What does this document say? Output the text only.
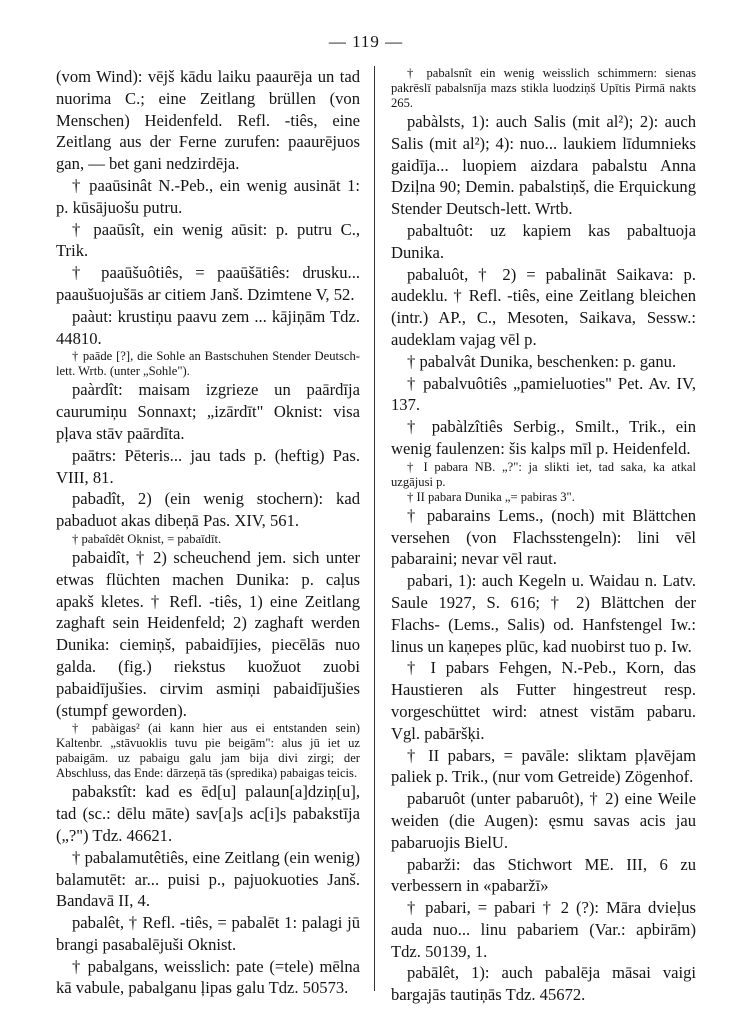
— 119 —

(vom Wind): vējš kādu laiku paaurēja un tad nuorima C.; eine Zeitlang brüllen (von Menschen) Heidenfeld. Refl. -tiês, eine Zeitlang aus der Ferne zurufen: paaurējuos gan, — bet gani nedzirdēja.

† paaūsinât N.-Peb., ein wenig ausināt 1: p. kūsājuošu putru.

† paaūsît, ein wenig aūsit: p. putru C., Trik.

† paaūšuôtiês, = paaūšātiês: drusku... paaušuojušās ar citiem Janš. Dzimtene V, 52.

paàut: krustiņu paavu zem ... kājiņām Tdz. 44810.

† paāde [?], die Sohle an Bastschuhen Stender Deutsch-lett. Wrtb. (unter „Sohle").

paàrdît: maisam izgrieze un paārdīja caurumiņu Sonnaxt; „izārdīt" Oknist: visa pļava stāv paārdīta.

paātrs: Pēteris... jau tads p. (heftig) Pas. VIII, 81.

pabadît, 2) (ein wenig stochern): kad pabaduot akas dibeņā Pas. XIV, 561.

† pabaîdêt Oknist, = pabaīdīt.

pabaidît, † 2) scheuchend jem. sich unter etwas flüchten machen Dunika: p. caļus apakš kletes. † Refl. -tiês, 1) eine Zeitlang zaghaft sein Heidenfeld; 2) zaghaft werden Dunika: ciemiņš, pabaidījies, piecēlās nuo galda. (fig.) riekstus kuožuot zuobi pabaidījušies. cirvim asmiņi pabaidījušies (stumpf geworden).

† pabàigas² (ai kann hier aus ei entstanden sein) Kaltenbr. „stāvuoklis tuvu pie beigām": alus jū iet uz pabaigām. uz pabaigu galu jam bija divi zirgi; der Abschluss, das Ende: dārzeņā tās (spredika) pabaigas teicis.

pabakstît: kad es ēd[u] palaun[a]dziņ[u], tad (sc.: dēlu māte) sav[a]s ac[i]s pabakstīja („?") Tdz. 46621.

† pabalamutêtiês, eine Zeitlang (ein wenig) balamutēt: ar... puisi p., pajuokuoties Janš. Bandavā II, 4.

pabalêt, † Refl. -tiês, = pabalēt 1: palagi jū brangi pasabalējuši Oknist.

† pabalgans, weisslich: pate (=tele) mēlna kā vabule, pabalganu ļipas galu Tdz. 50573.

† pabalsnît ein wenig weisslich schimmern: sienas pakrēslī pabalsnīja mazs stikla luodziņš Upītis Pirmā nakts 265.

pabàlsts, 1): auch Salis (mit al²); 2): auch Salis (mit al²); 4): nuo... laukiem līdumnieks gaidīja... luopiem aizdara pabalstu Anna Dziļna 90; Demin. pabalstiņš, die Erquickung Stender Deutsch-lett. Wrtb.

pabaltuôt: uz kapiem kas pabaltuoja Dunika.

pabaluôt, † 2) = pabalināt Saikava: p. audeklu. † Refl. -tiês, eine Zeitlang bleichen (intr.) AP., C., Mesoten, Saikava, Sessw.: audeklam vajag vēl p.

† pabalvât Dunika, beschenken: p. ganu.

† pabalvuôtiês „pamieluoties" Pet. Av. IV, 137.

† pabàlzîtiês Serbig., Smilt., Trik., ein wenig faulenzen: šis kalps mīl p. Heidenfeld.

† I pabara NB. „?": ja slikti iet, tad saka, ka atkal uzgājusi p.

† II pabara Dunika „= pabiras 3".

† pabarains Lems., (noch) mit Blättchen versehen (von Flachsstengeln): lini vēl pabaraini; nevar vēl raut.

pabari, 1): auch Kegeln u. Waidau n. Latv. Saule 1927, S. 616; † 2) Blättchen der Flachs- (Lems., Salis) od. Hanfstengel Iw.: linus un kaņepes plūc, kad nuobirst tuo p. Iw.

† I pabars Fehgen, N.-Peb., Korn, das Haustieren als Futter hingestreut resp. vorgeschüttet wird: atnest vistām pabaru. Vgl. pabāršķi.

† II pabars, = pavāle: sliktam pļavējam paliek p. Trik., (nur vom Getreide) Zögenhof.

pabaruôt (unter pabaruôt), † 2) eine Weile weiden (die Augen): ęsmu savas acis jau pabaruojis BielU.

pabarži: das Stichwort ME. III, 6 zu verbessern in «pabaržī»

† pabari, = pabari † 2 (?): Māra dvieļus auda nuo... linu pabariem (Var.: apbirām) Tdz. 50139, 1.

pabālêt, 1): auch pabalēja māsai vaigi bargajās tautiņās Tdz. 45672.
